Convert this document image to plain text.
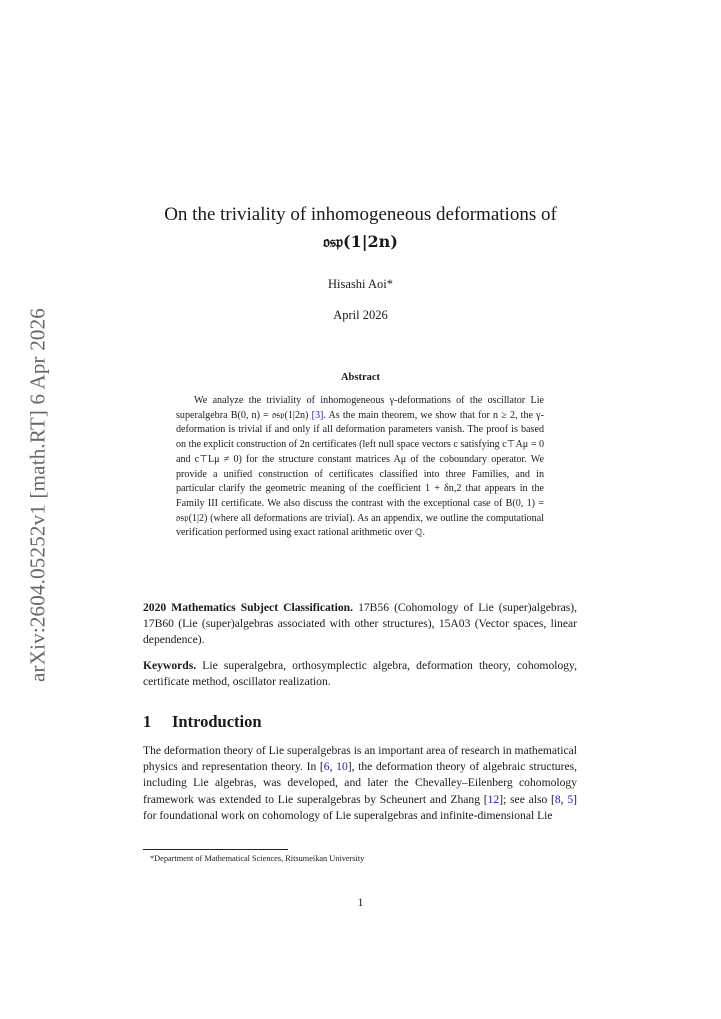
arXiv:2604.05252v1 [math.RT] 6 Apr 2026
On the triviality of inhomogeneous deformations of
𝔬𝔰𝔭(1|2n)
Hisashi Aoi*
April 2026
Abstract
We analyze the triviality of inhomogeneous γ-deformations of the oscillator Lie superalgebra B(0, n) = 𝔬𝔰𝔭(1|2n) [3]. As the main theorem, we show that for n ≥ 2, the γ-deformation is trivial if and only if all deformation parameters vanish. The proof is based on the explicit construction of 2n certificates (left null space vectors c satisfying c⊤Aμ = 0 and c⊤Lμ ≠ 0) for the structure constant matrices Aμ of the coboundary operator. We provide a unified construction of certificates classified into three Families, and in particular clarify the geometric meaning of the coefficient 1 + δn,2 that appears in the Family III certificate. We also discuss the contrast with the exceptional case of B(0, 1) = 𝔬𝔰𝔭(1|2) (where all deformations are trivial). As an appendix, we outline the computational verification performed using exact rational arithmetic over ℚ.
2020 Mathematics Subject Classification. 17B56 (Cohomology of Lie (super)algebras), 17B60 (Lie (super)algebras associated with other structures), 15A03 (Vector spaces, linear dependence).
Keywords. Lie superalgebra, orthosymplectic algebra, deformation theory, cohomology, certificate method, oscillator realization.
1 Introduction
The deformation theory of Lie superalgebras is an important area of research in mathematical physics and representation theory. In [6, 10], the deformation theory of algebraic structures, including Lie algebras, was developed, and later the Chevalley–Eilenberg cohomology framework was extended to Lie superalgebras by Scheunert and Zhang [12]; see also [8, 5] for foundational work on cohomology of Lie superalgebras and infinite-dimensional Lie
*Department of Mathematical Sciences, Ritsumeikan University
1
